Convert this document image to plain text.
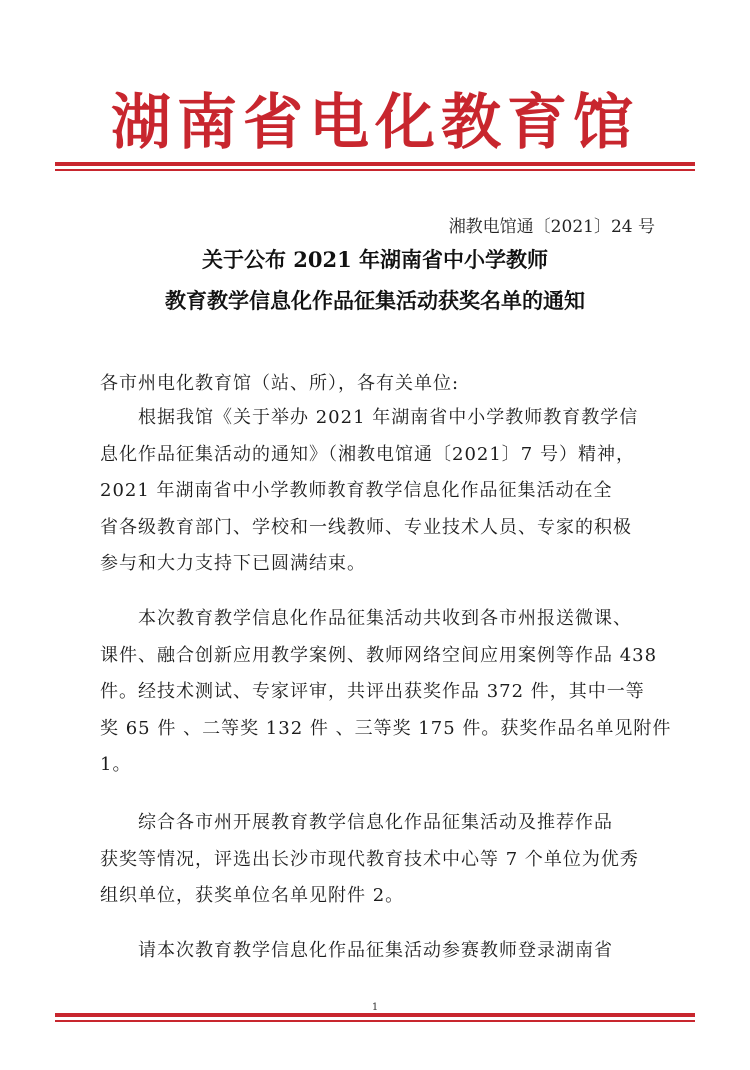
湖南省电化教育馆
湘教电馆通〔2021〕24 号
关于公布 2021 年湖南省中小学教师
教育教学信息化作品征集活动获奖名单的通知
各市州电化教育馆（站、所），各有关单位:
根据我馆《关于举办 2021 年湖南省中小学教师教育教学信
息化作品征集活动的通知》（湘教电馆通〔2021〕7 号）精神，
2021 年湖南省中小学教师教育教学信息化作品征集活动在全
省各级教育部门、学校和一线教师、专业技术人员、专家的积极
参与和大力支持下已圆满结束。
本次教育教学信息化作品征集活动共收到各市州报送微课、
课件、融合创新应用教学案例、教师网络空间应用案例等作品 438
件。经技术测试、专家评审，共评出获奖作品 372 件，其中一等
奖 65 件 、二等奖 132 件 、三等奖 175 件。获奖作品名单见附件
1。
综合各市州开展教育教学信息化作品征集活动及推荐作品
获奖等情况，评选出长沙市现代教育技术中心等 7 个单位为优秀
组织单位，获奖单位名单见附件 2。
请本次教育教学信息化作品征集活动参赛教师登录湖南省
1
